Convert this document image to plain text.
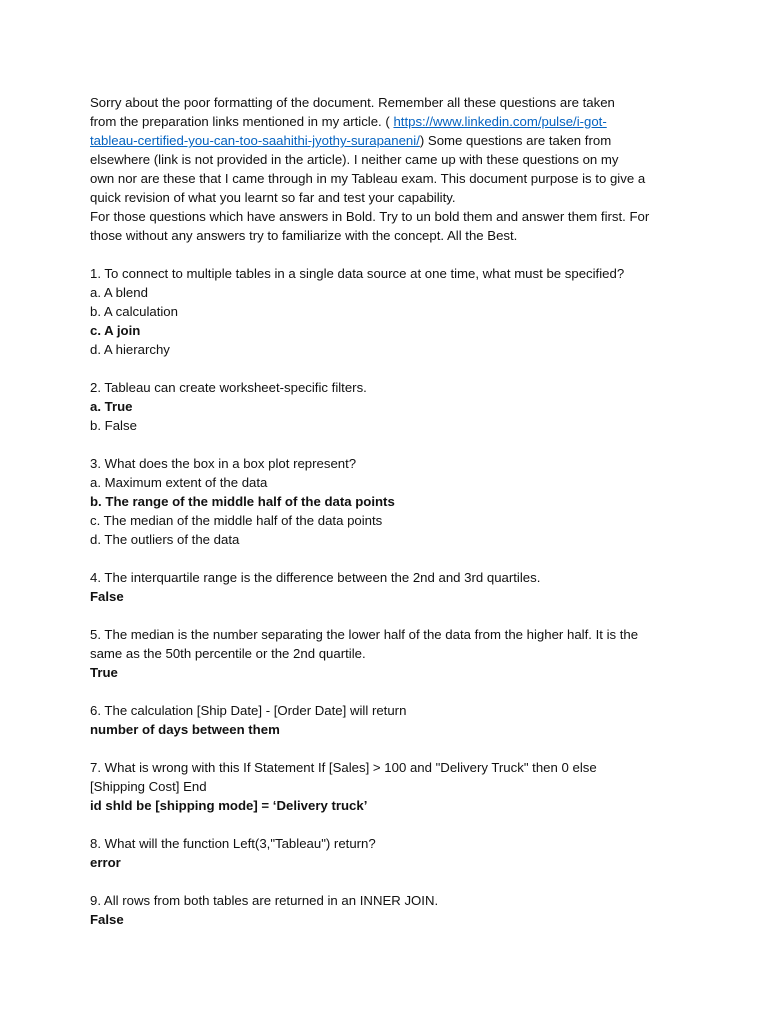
Sorry about the poor formatting of the document. Remember all these questions are taken
from the preparation links mentioned in my article. ( https://www.linkedin.com/pulse/i-got-
tableau-certified-you-can-too-saahithi-jyothy-surapaneni/) Some questions are taken from
elsewhere (link is not provided in the article). I neither came up with these questions on my
own nor are these that I came through in my Tableau exam. This document purpose is to give a
quick revision of what you learnt so far and test your capability.
For those questions which have answers in Bold. Try to un bold them and answer them first. For
those without any answers try to familiarize with the concept. All the Best.
1. To connect to multiple tables in a single data source at one time, what must be specified?
a. A blend
b. A calculation
c. A join
d. A hierarchy
2. Tableau can create worksheet-specific filters.
a. True
b. False
3. What does the box in a box plot represent?
a. Maximum extent of the data
b. The range of the middle half of the data points
c. The median of the middle half of the data points
d. The outliers of the data
4. The interquartile range is the difference between the 2nd and 3rd quartiles.
False
5. The median is the number separating the lower half of the data from the higher half. It is the
same as the 50th percentile or the 2nd quartile.
True
6. The calculation [Ship Date] - [Order Date] will return
number of days between them
7. What is wrong with this If Statement If [Sales] > 100 and "Delivery Truck" then 0 else
[Shipping Cost] End
id shld be [shipping mode] = ‘Delivery truck’
8. What will the function Left(3,"Tableau") return?
error
9. All rows from both tables are returned in an INNER JOIN.
False
